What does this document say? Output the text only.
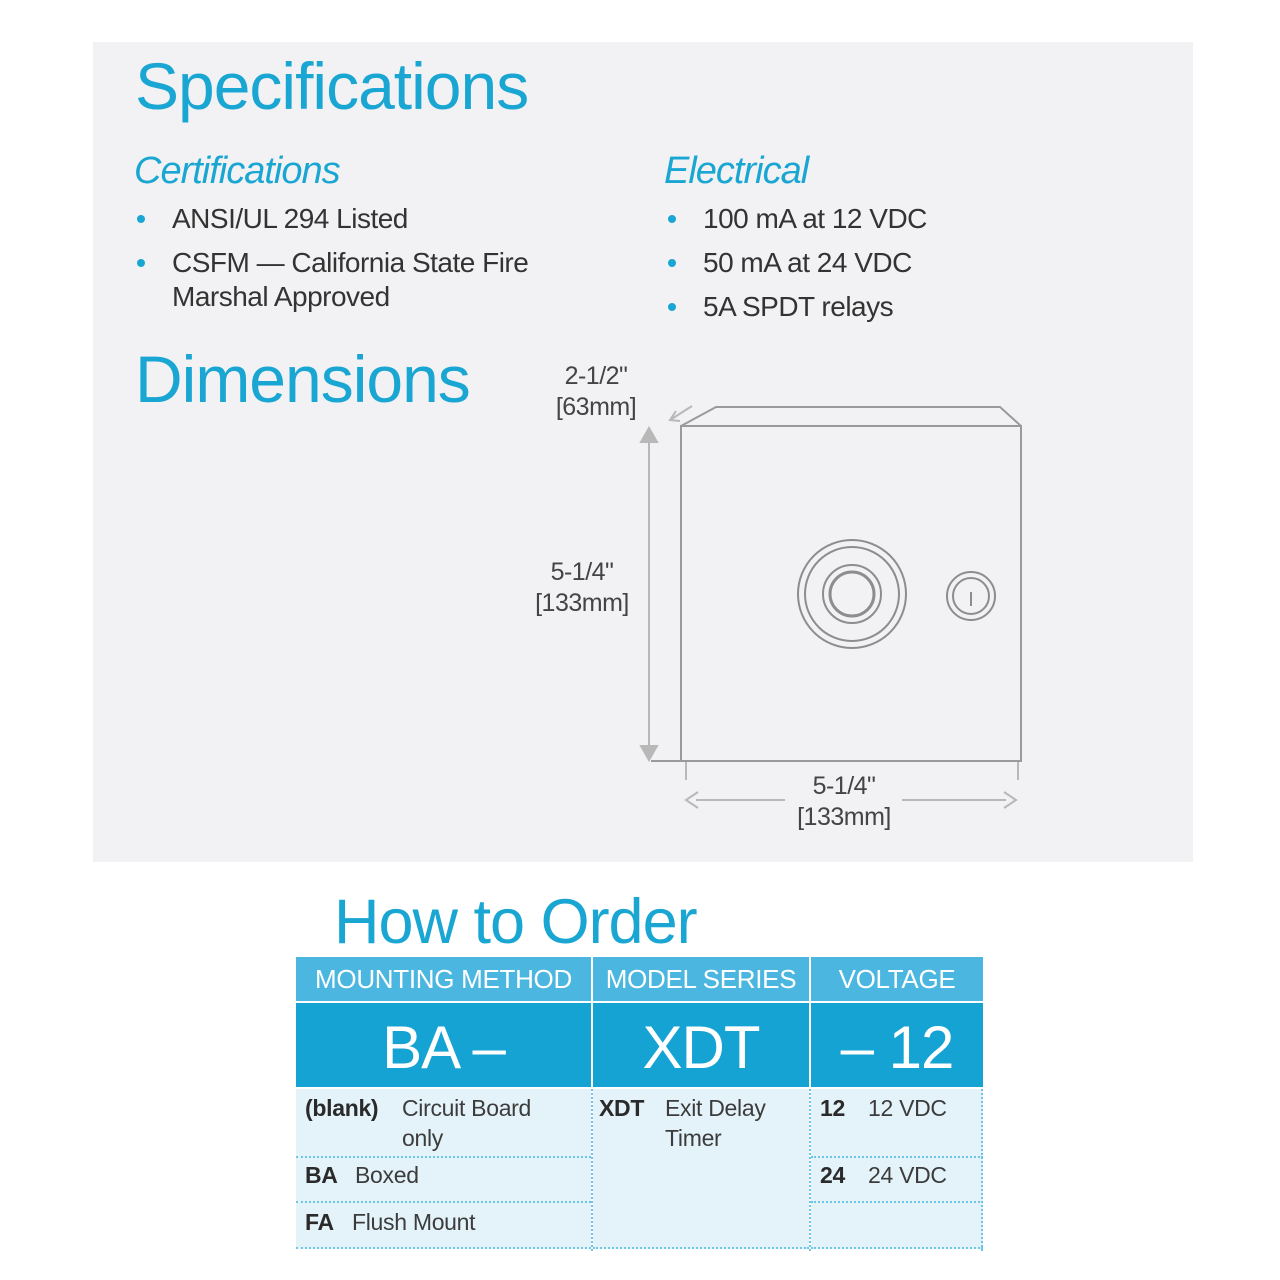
Specifications
Certifications
ANSI/UL 294 Listed
CSFM — California State Fire
Marshal Approved
Electrical
100 mA at 12 VDC
50 mA at 24 VDC
5A SPDT relays
Dimensions	2-1/2"
[63mm]
5-1/4"
[133mm]
5-1/4"
[133mm]
How to Order
MOUNTING METHOD
BA –
(blank) Circuit Board
only
BA Boxed
FA Flush Mount
MODEL SERIES
XDT
XDT Exit Delay
Timer
VOLTAGE
– 12
12 12 VDC
24 24 VDC
